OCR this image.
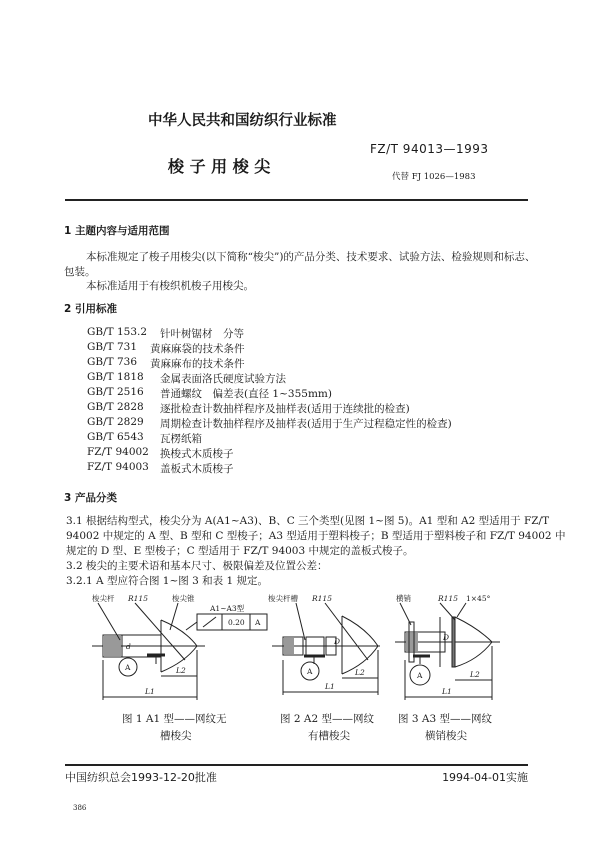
中华人民共和国纺织行业标准
FZ/T 94013—1993
梭 子 用 梭 尖
代替 FJ 1026—1983
1 主题内容与适用范围
本标准规定了梭子用梭尖(以下简称“梭尖”)的产品分类、技术要求、试验方法、检验规则和标志、
包装。
本标准适用于有梭织机梭子用梭尖。
2 引用标准
GB/T 153.2 针叶树锯材　分等
GB/T 731 黄麻麻袋的技术条件
GB/T 736 黄麻麻布的技术条件
GB/T 1818 金属表面洛氏硬度试验方法
GB/T 2516 普通螺纹　偏差表(直径 1~355mm)
GB/T 2828 逐批检查计数抽样程序及抽样表(适用于连续批的检查)
GB/T 2829 周期检查计数抽样程序及抽样表(适用于生产过程稳定性的检查)
GB/T 6543 瓦楞纸箱
FZ/T 94002 换梭式木质梭子
FZ/T 94003 盖板式木质梭子
3 产品分类
3.1 根据结构型式，梭尖分为 A(A1~A3)、B、C 三个类型(见图 1~图 5)。A1 型和 A2 型适用于 FZ/T
94002 中规定的 A 型、B 型和 C 型梭子；A3 型适用于塑料梭子；B 型适用于塑料梭子和 FZ/T 94002 中
规定的 D 型、E 型梭子；C 型适用于 FZ/T 94003 中规定的盖板式梭子。
3.2 梭尖的主要术语和基本尺寸、极限偏差及位置公差：
3.2.1 A 型应符合图 1~图 3 和表 1 规定。
梭尖杆 R115	梭尖锥
A1~A3型
0.20 A
A
L1
L2
d
梭尖杆槽 R115
A
L1
L2
D
横销	R115 1×45°
A
L1
L2
D
图 1 A1 型——网纹无
槽梭尖
图 2 A2 型——网纹
有槽梭尖
图 3 A3 型——网纹
横销梭尖
中国纺织总会1993-12-20批准	1994-04-01实施
386
